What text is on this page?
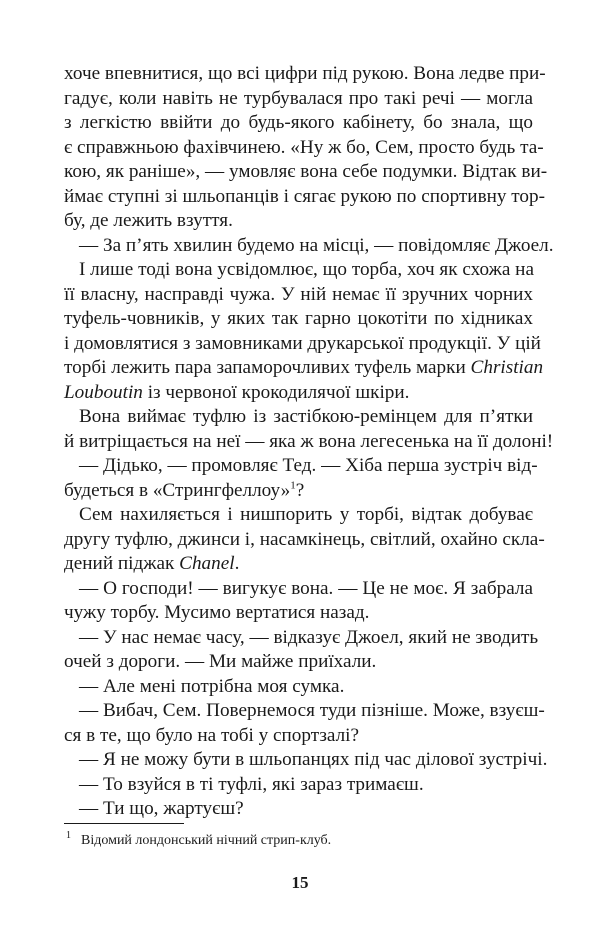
хоче впевнитися, що всі цифри під рукою. Вона ледве при-
гадує, коли навіть не турбувалася про такі речі — могла
з легкістю ввійти до будь-якого кабінету, бо знала, що
є справжньою фахівчинею. «Ну ж бо, Сем, просто будь та-
кою, як раніше», — умовляє вона себе подумки. Відтак ви-
ймає ступні зі шльопанців і сягає рукою по спортивну тор-
бу, де лежить взуття.
— За п’ять хвилин будемо на місці, — повідомляє Джоел.
І лише тоді вона усвідомлює, що торба, хоч як схожа на
її власну, насправді чужа. У ній немає її зручних чорних
туфель-човників, у яких так гарно цокотіти по хідниках
і домовлятися з замовниками друкарської продукції. У цій
торбі лежить пара запаморочливих туфель марки Christian
Louboutin із червоної крокодилячої шкіри.
Вона виймає туфлю із застібкою-ремінцем для п’ятки
й витріщається на неї — яка ж вона легесенька на її долоні!
— Дідько, — промовляє Тед. — Хіба перша зустріч від-
будеться в «Стрингфеллоу»$^1$?
Сем нахиляється і нишпорить у торбі, відтак добуває
другу туфлю, джинси і, насамкінець, світлий, охайно скла-
дений піджак Chanel.
— О господи! — вигукує вона. — Це не моє. Я забрала
чужу торбу. Мусимо вертатися назад.
— У нас немає часу, — відказує Джоел, який не зводить
очей з дороги. — Ми майже приїхали.
— Але мені потрібна моя сумка.
— Вибач, Сем. Повернемося туди пізніше. Може, взуєш-
ся в те, що було на тобі у спортзалі?
— Я не можу бути в шльопанцях під час ділової зустрічі.
— То взуйся в ті туфлі, які зараз тримаєш.
— Ти що, жартуєш?
$^1$ Відомий лондонський нічний стрип-клуб.
15
